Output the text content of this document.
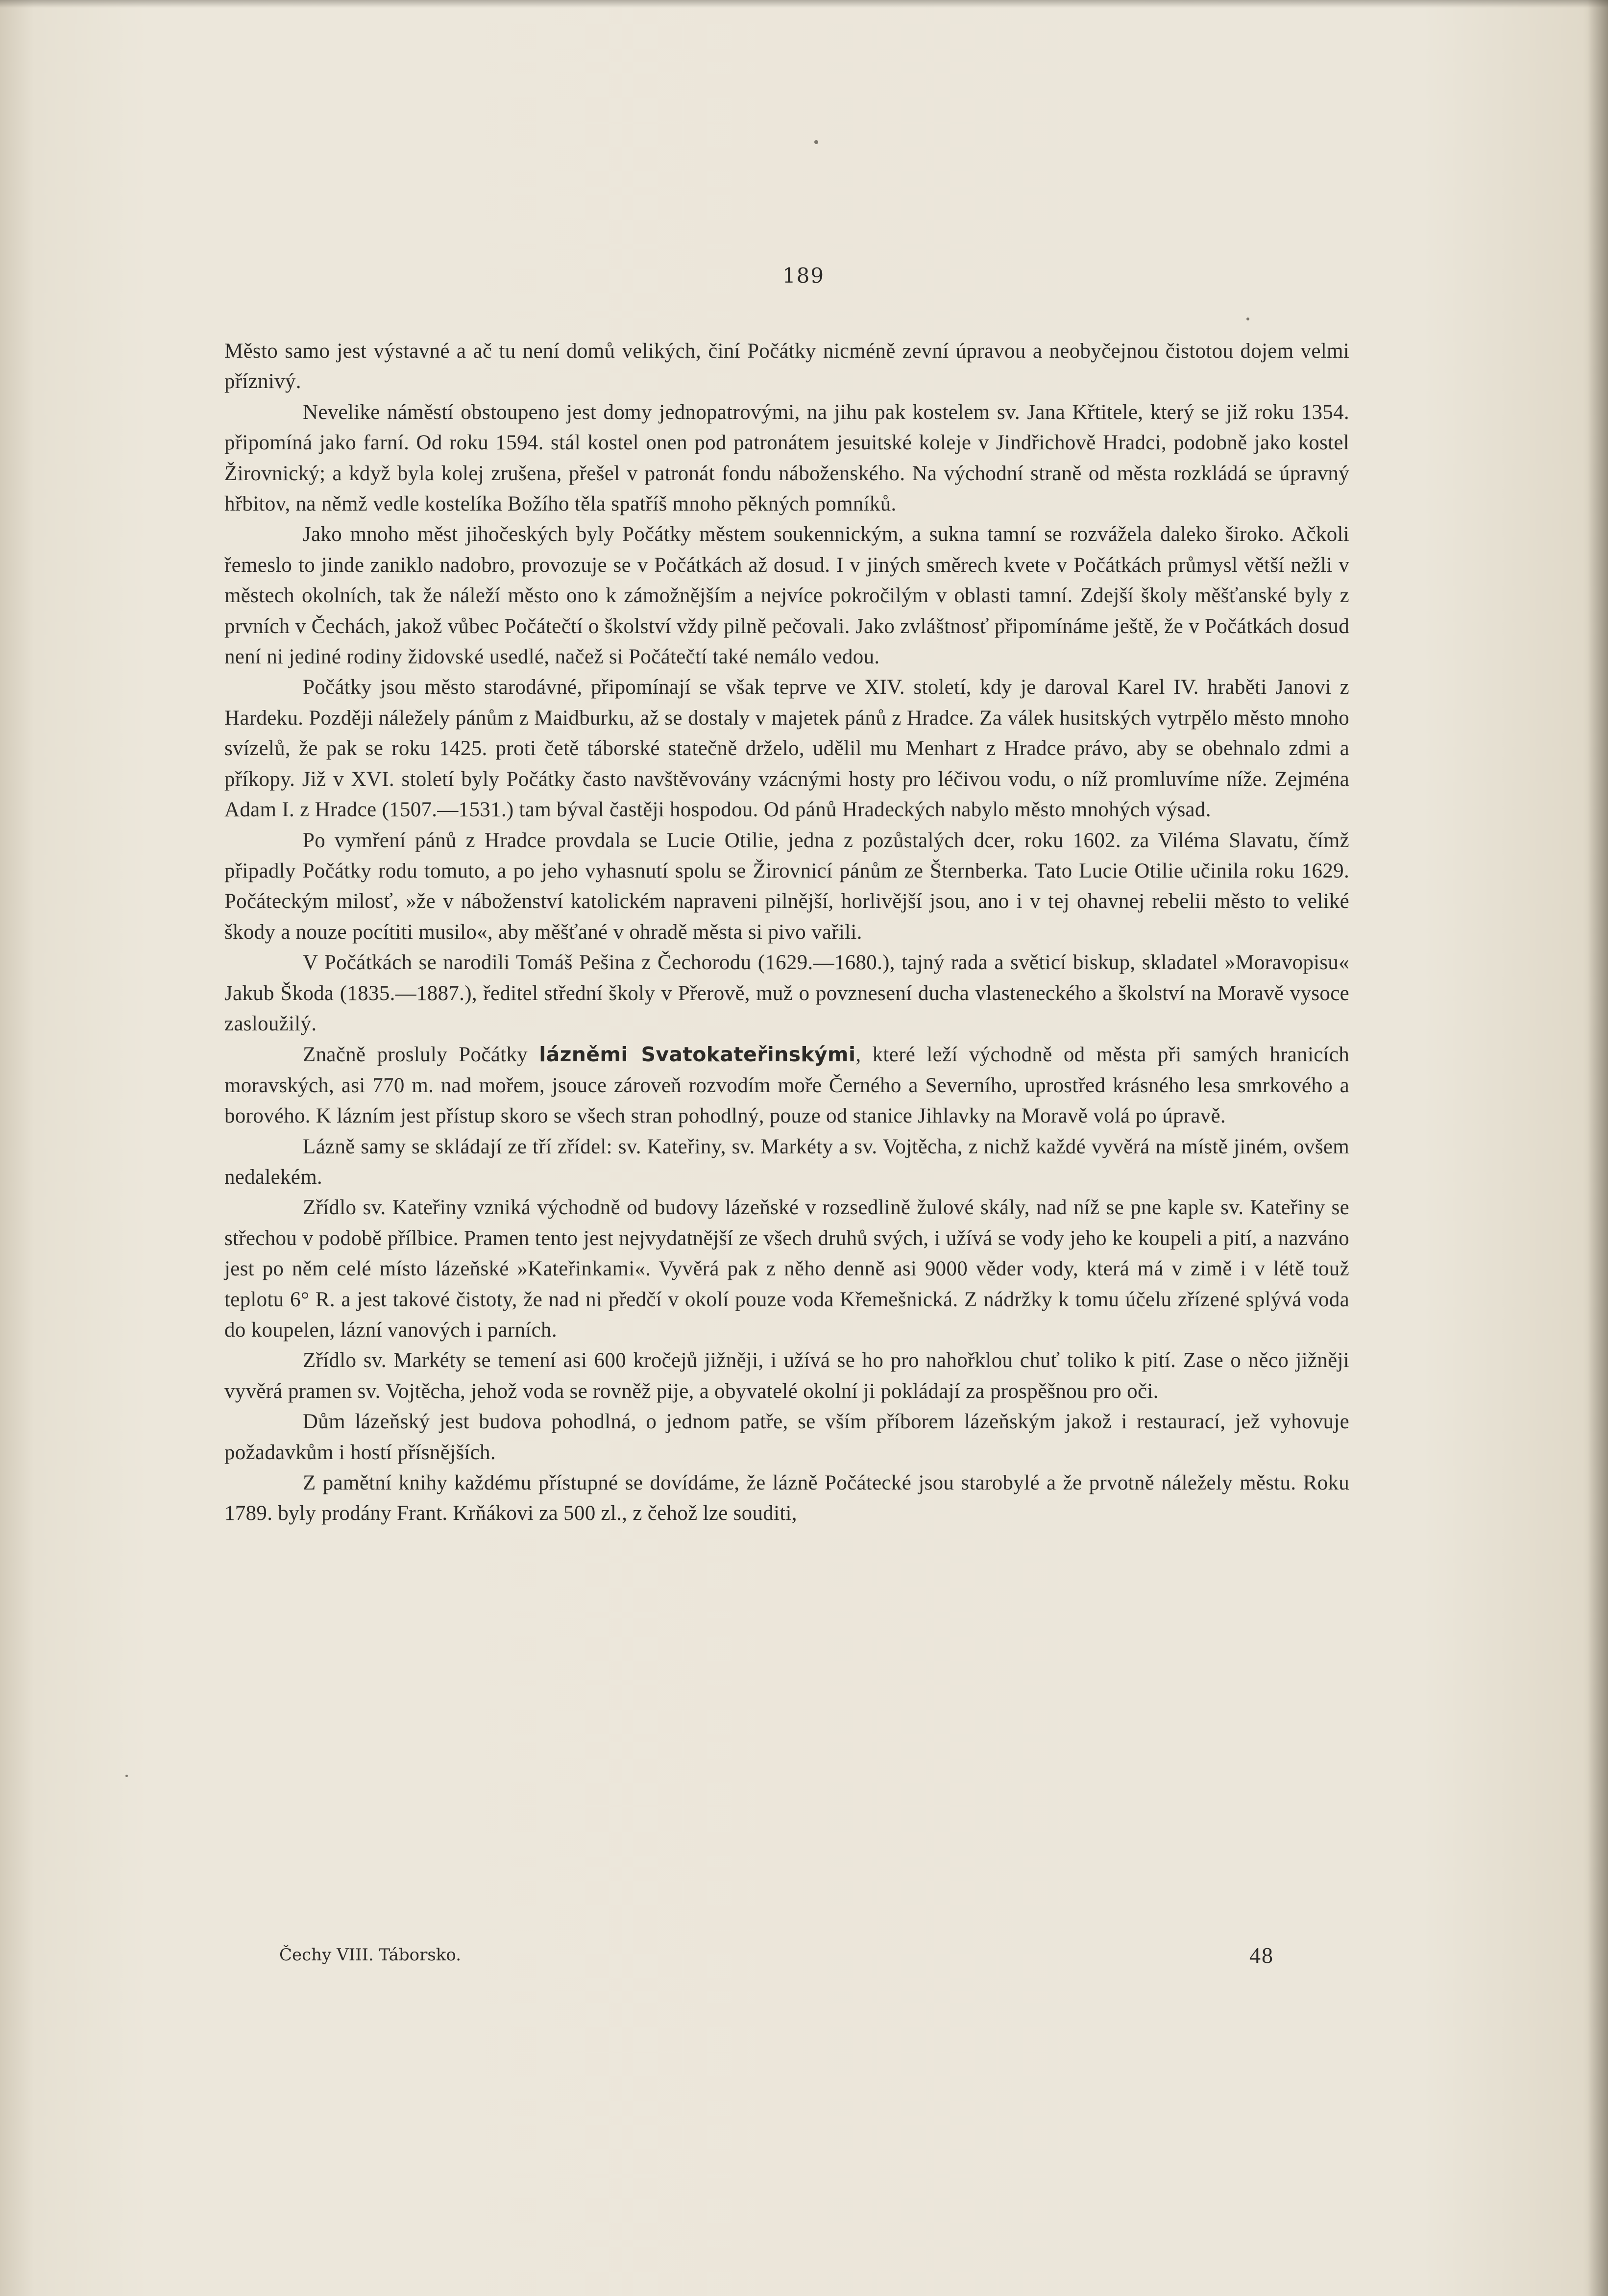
189

Město samo jest výstavné a ač tu není domů velikých, činí Počátky nicméně zevní úpravou a neobyčejnou čistotou dojem velmi příznivý.

Nevelike náměstí obstoupeno jest domy jednopatrovými, na jihu pak kostelem sv. Jana Křtitele, který se již roku 1354. připomíná jako farní. Od roku 1594. stál kostel onen pod patronátem jesuitské koleje v Jindřichově Hradci, podobně jako kostel Žirovnický; a když byla kolej zrušena, přešel v patronát fondu náboženského. Na východní straně od města rozkládá se úpravný hřbitov, na němž vedle kostelíka Božího těla spatříš mnoho pěkných pomníků.

Jako mnoho měst jihočeských byly Počátky městem soukennickým, a sukna tamní se rozvážela daleko široko. Ačkoli řemeslo to jinde zaniklo nadobro, provozuje se v Počátkách až dosud. I v jiných směrech kvete v Počátkách průmysl větší nežli v městech okolních, tak že náleží město ono k zámožnějším a nejvíce pokročilým v oblasti tamní. Zdejší školy měšťanské byly z prvních v Čechách, jakož vůbec Počátečtí o školství vždy pilně pečovali. Jako zvláštnosť připomínáme ještě, že v Počátkách dosud není ni jediné rodiny židovské usedlé, načež si Počátečtí také nemálo vedou.

Počátky jsou město starodávné, připomínají se však teprve ve XIV. století, kdy je daroval Karel IV. hraběti Janovi z Hardeku. Později náležely pánům z Maidburku, až se dostaly v majetek pánů z Hradce. Za válek husitských vytrpělo město mnoho svízelů, že pak se roku 1425. proti četě táborské statečně drželo, udělil mu Menhart z Hradce právo, aby se obehnalo zdmi a příkopy. Již v XVI. století byly Počátky často navštěvovány vzácnými hosty pro léčivou vodu, o níž promluvíme níže. Zejména Adam I. z Hradce (1507.—1531.) tam býval častěji hospodou. Od pánů Hradeckých nabylo město mnohých výsad.

Po vymření pánů z Hradce provdala se Lucie Otilie, jedna z pozůstalých dcer, roku 1602. za Viléma Slavatu, čímž připadly Počátky rodu tomuto, a po jeho vyhasnutí spolu se Žirovnicí pánům ze Šternberka. Tato Lucie Otilie učinila roku 1629. Počáteckým milosť, »že v náboženství katolickém napraveni pilnější, horlivější jsou, ano i v tej ohavnej rebelii město to veliké škody a nouze pocítiti musilo«, aby měšťané v ohradě města si pivo vařili.

V Počátkách se narodili Tomáš Pešina z Čechorodu (1629.—1680.), tajný rada a světicí biskup, skladatel »Moravopisu« Jakub Škoda (1835.—1887.), ředitel střední školy v Přerově, muž o povznesení ducha vlasteneckého a školství na Moravě vysoce zasloužilý.

Značně prosluly Počátky lázněmi Svatokateřinskými, které leží východně od města při samých hranicích moravských, asi 770 m. nad mořem, jsouce zároveň rozvodím moře Černého a Severního, uprostřed krásného lesa smrkového a borového. K lázním jest přístup skoro se všech stran pohodlný, pouze od stanice Jihlavky na Moravě volá po úpravě.

Lázně samy se skládají ze tří zřídel: sv. Kateřiny, sv. Markéty a sv. Vojtěcha, z nichž každé vyvěrá na místě jiném, ovšem nedalekém.

Zřídlo sv. Kateřiny vzniká východně od budovy lázeňské v rozsedlině žulové skály, nad níž se pne kaple sv. Kateřiny se střechou v podobě přílbice. Pramen tento jest nejvydatnější ze všech druhů svých, i užívá se vody jeho ke koupeli a pití, a nazváno jest po něm celé místo lázeňské »Kateřinkami«. Vyvěrá pak z něho denně asi 9000 věder vody, která má v zimě i v létě touž teplotu 6° R. a jest takové čistoty, že nad ni předčí v okolí pouze voda Křemešnická. Z nádržky k tomu účelu zřízené splývá voda do koupelen, lázní vanových i parních.

Zřídlo sv. Markéty se temení asi 600 kročejů jižněji, i užívá se ho pro nahořklou chuť toliko k pití. Zase o něco jižněji vyvěrá pramen sv. Vojtěcha, jehož voda se rovněž pije, a obyvatelé okolní ji pokládají za prospěšnou pro oči.

Dům lázeňský jest budova pohodlná, o jednom patře, se vším příborem lázeňským jakož i restaurací, jež vyhovuje požadavkům i hostí přísnějších.

Z pamětní knihy každému přístupné se dovídáme, že lázně Počátecké jsou starobylé a že prvotně náležely městu. Roku 1789. byly prodány Frant. Krňákovi za 500 zl., z čehož lze souditi,

Čechy VIII. Táborsko.	48
